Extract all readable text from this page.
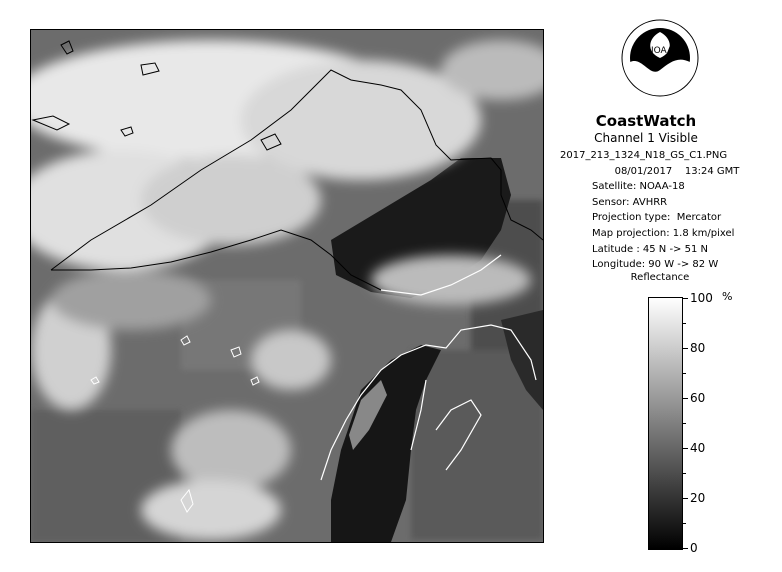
NOAA
CoastWatch
Channel 1 Visible
2017_213_1324_N18_GS_C1.PNG
08/01/2017    13:24 GMT
Satellite: NOAA-18
Sensor: AVHRR
Projection type:  Mercator
Map projection: 1.8 km/pixel
Latitude : 45 N -> 51 N
Longitude: 90 W -> 82 W
Reflectance
%
100
80
60
40
20
0
